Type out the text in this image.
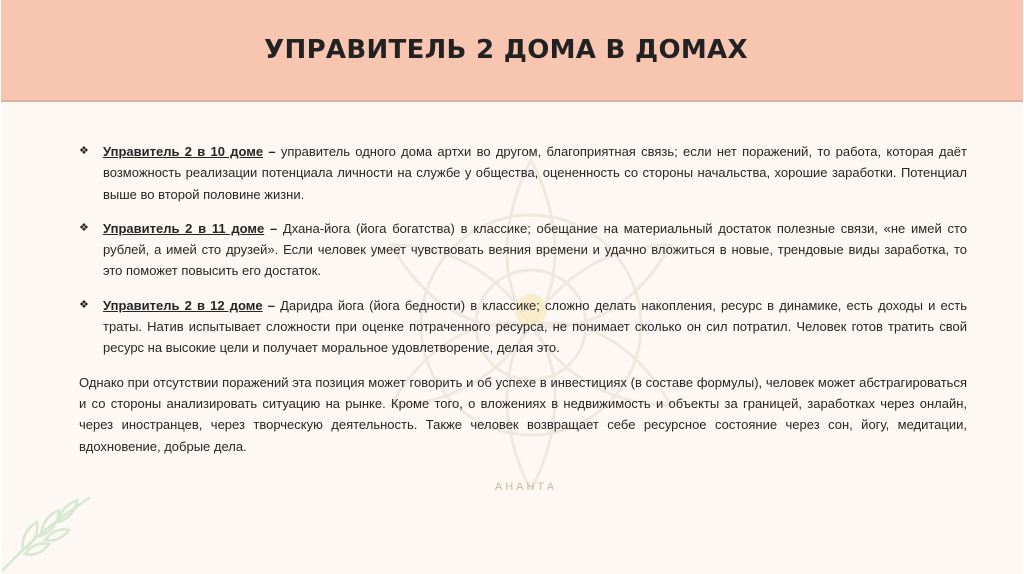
УПРАВИТЕЛЬ 2 ДОМА В ДОМАХ
АНАНТА
❖ Управитель 2 в 10 доме – управитель одного дома артхи во другом, благоприятная связь; если нет поражений, то работа, которая даёт возможность реализации потенциала личности на службе у общества, оцененность со стороны начальства, хорошие заработки. Потенциал выше во второй половине жизни.
❖ Управитель 2 в 11 доме – Дхана-йога (йога богатства) в классике; обещание на материальный достаток полезные связи, «не имей сто рублей, а имей сто друзей». Если человек умеет чувствовать веяния времени и удачно вложиться в новые, трендовые виды заработка, то это поможет повысить его достаток.
❖ Управитель 2 в 12 доме – Даридра йога (йога бедности) в классике; сложно делать накопления, ресурс в динамике, есть доходы и есть траты. Натив испытывает сложности при оценке потраченного ресурса, не понимает сколько он сил потратил. Человек готов тратить свой ресурс на высокие цели и получает моральное удовлетворение, делая это.
Однако при отсутствии поражений эта позиция может говорить и об успехе в инвестициях (в составе формулы), человек может абстрагироваться и со стороны анализировать ситуацию на рынке. Кроме того, о вложениях в недвижимость и объекты за границей, заработках через онлайн, через иностранцев, через творческую деятельность. Также человек возвращает себе ресурсное состояние через сон, йогу, медитации, вдохновение, добрые дела.
